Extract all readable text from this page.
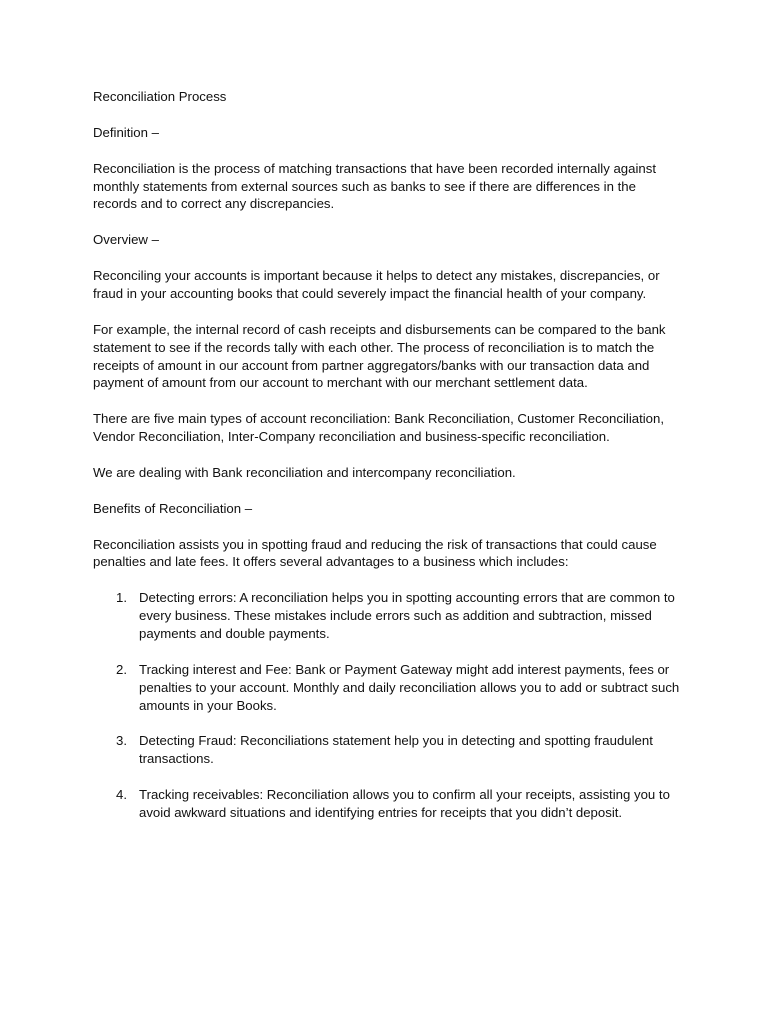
Reconciliation Process

Definition –

Reconciliation is the process of matching transactions that have been recorded internally against monthly statements from external sources such as banks to see if there are differences in the records and to correct any discrepancies.

Overview –

Reconciling your accounts is important because it helps to detect any mistakes, discrepancies, or fraud in your accounting books that could severely impact the financial health of your company.

For example, the internal record of cash receipts and disbursements can be compared to the bank statement to see if the records tally with each other. The process of reconciliation is to match the receipts of amount in our account from partner aggregators/banks with our transaction data and payment of amount from our account to merchant with our merchant settlement data.

There are five main types of account reconciliation: Bank Reconciliation, Customer Reconciliation, Vendor Reconciliation, Inter-Company reconciliation and business-specific reconciliation.

We are dealing with Bank reconciliation and intercompany reconciliation.

Benefits of Reconciliation –

Reconciliation assists you in spotting fraud and reducing the risk of transactions that could cause penalties and late fees. It offers several advantages to a business which includes:

1. Detecting errors: A reconciliation helps you in spotting accounting errors that are common to every business. These mistakes include errors such as addition and subtraction, missed payments and double payments.
2. Tracking interest and Fee: Bank or Payment Gateway might add interest payments, fees or penalties to your account. Monthly and daily reconciliation allows you to add or subtract such amounts in your Books.
3. Detecting Fraud: Reconciliations statement help you in detecting and spotting fraudulent transactions.
4. Tracking receivables: Reconciliation allows you to confirm all your receipts, assisting you to avoid awkward situations and identifying entries for receipts that you didn’t deposit.
